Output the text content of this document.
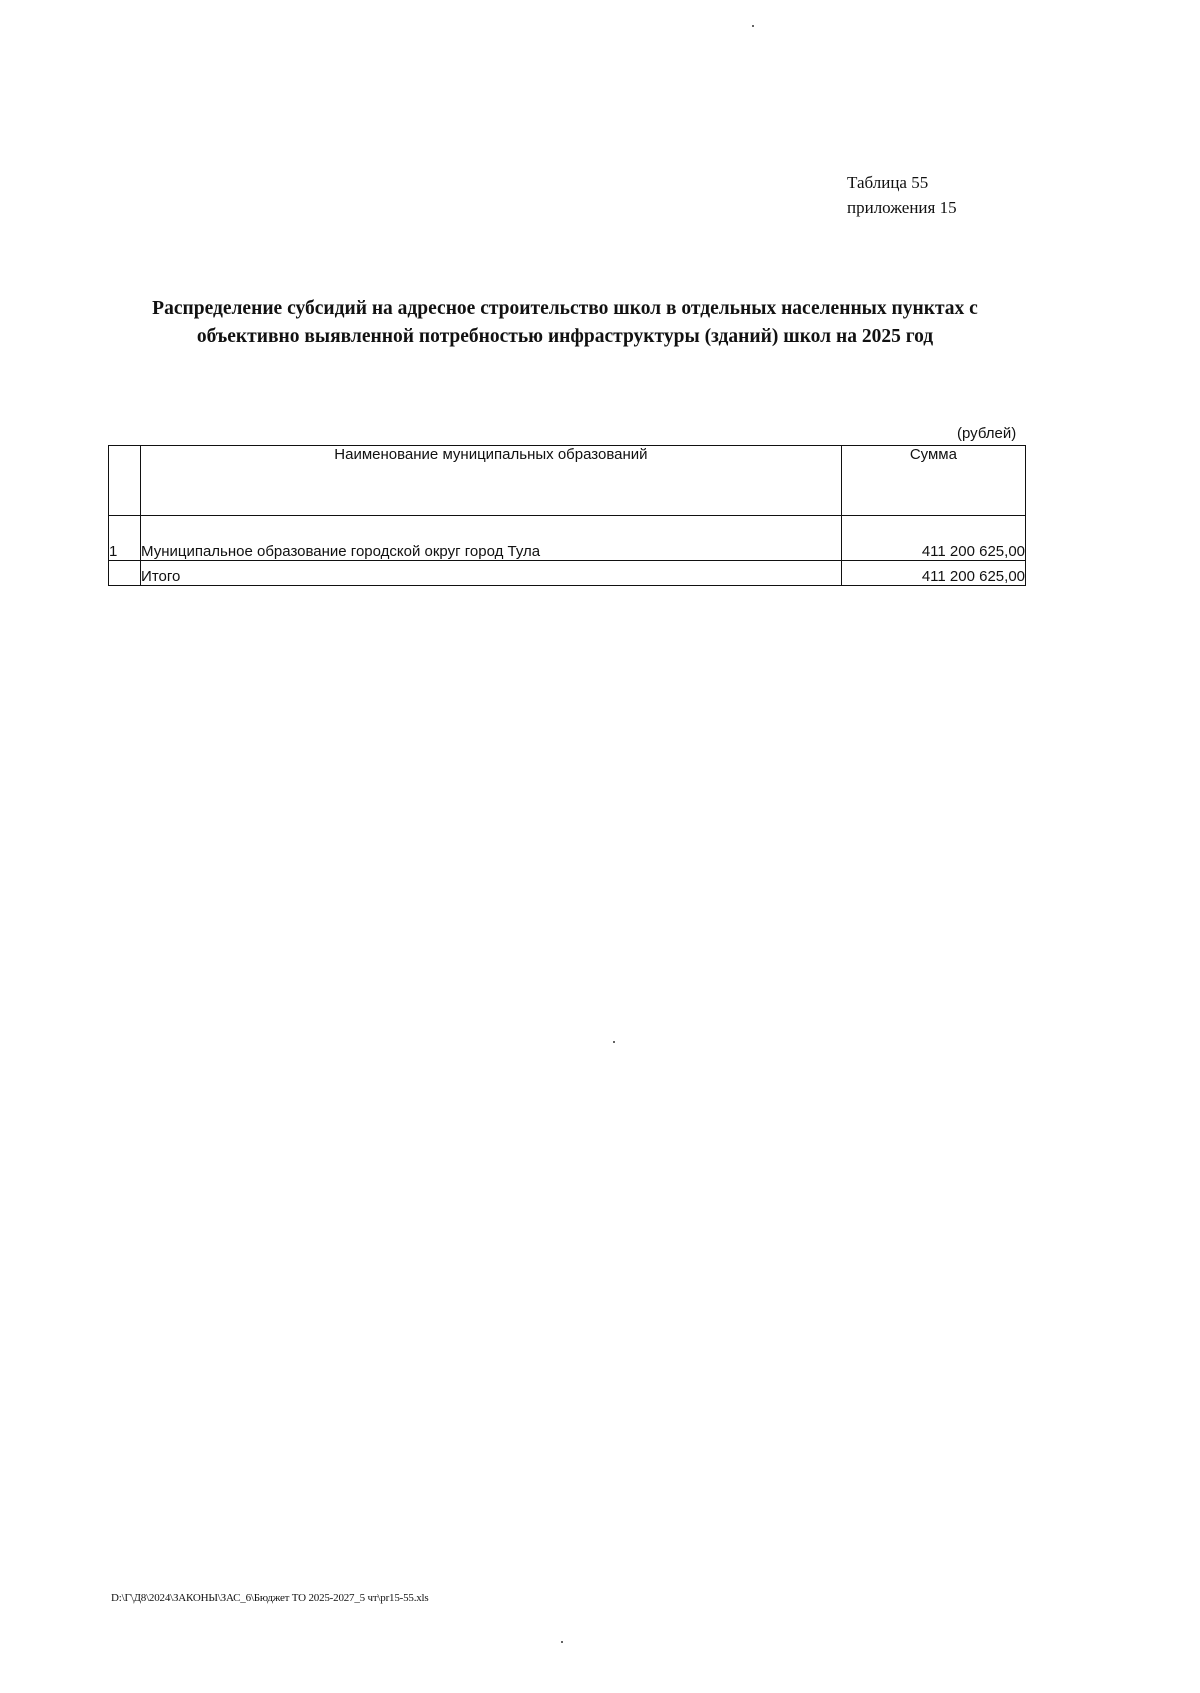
Таблица 55
приложения 15
Распределение субсидий на адресное строительство школ в отдельных населенных пунктах с
объективно выявленной потребностью инфраструктуры (зданий) школ на 2025 год
(рублей)
	Наименование муниципальных образований	Сумма
1	Муниципальное образование городской округ город Тула	411 200 625,00
	Итого	411 200 625,00
D:\Г\Д8\2024\ЗАКОНЫ\ЗАС_6\Бюджет ТО 2025-2027_5 чт\pr15-55.xls
